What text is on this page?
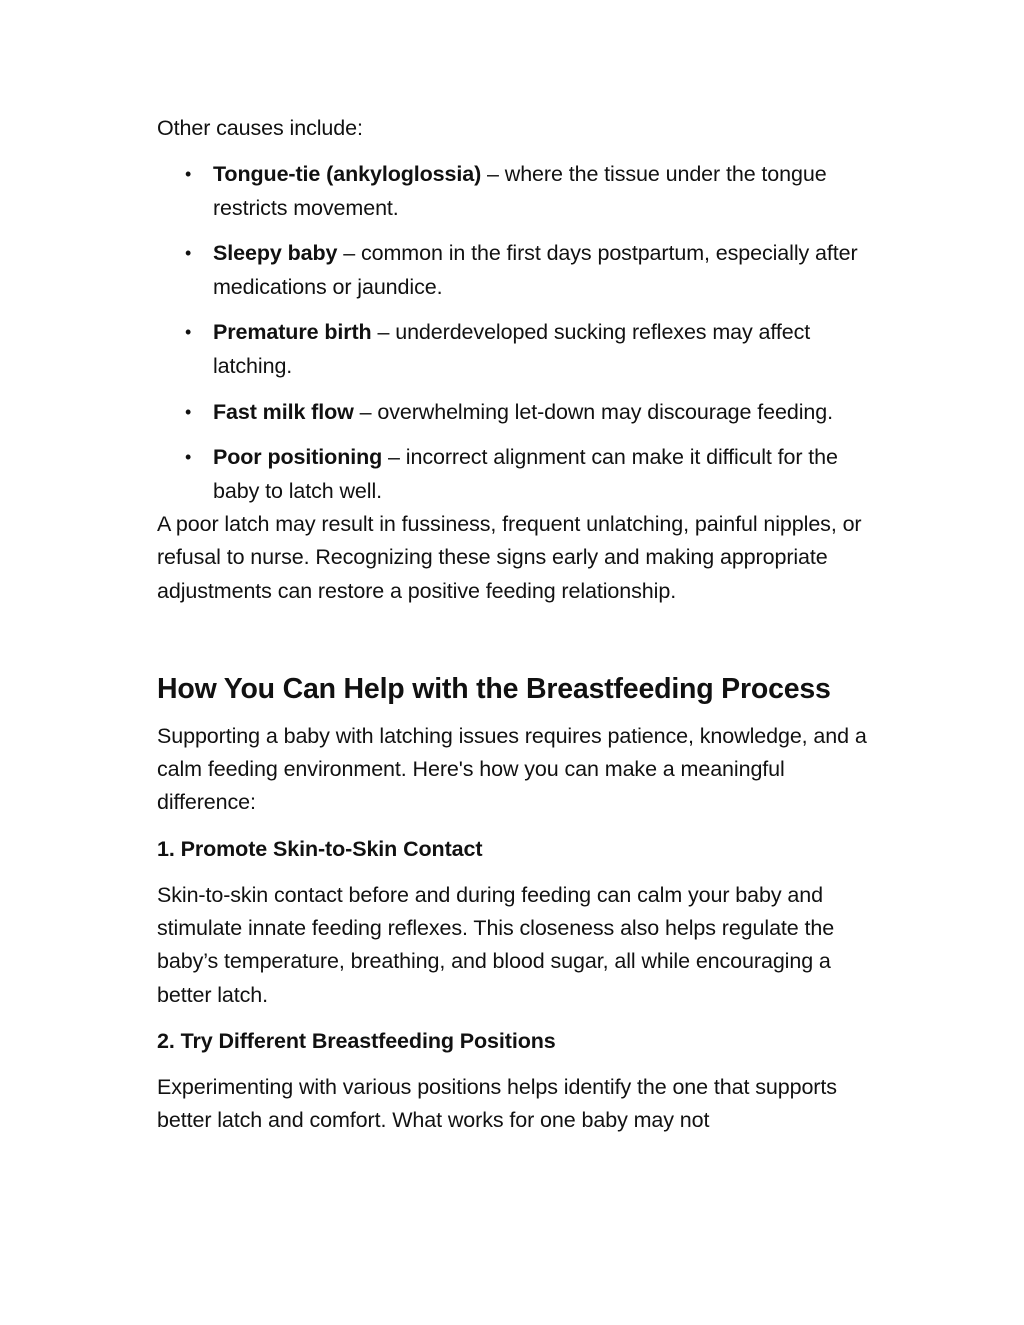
Other causes include:

• Tongue-tie (ankyloglossia) – where the tissue under the tongue restricts movement.
• Sleepy baby – common in the first days postpartum, especially after medications or jaundice.
• Premature birth – underdeveloped sucking reflexes may affect latching.
• Fast milk flow – overwhelming let-down may discourage feeding.
• Poor positioning – incorrect alignment can make it difficult for the baby to latch well.

A poor latch may result in fussiness, frequent unlatching, painful nipples, or refusal to nurse. Recognizing these signs early and making appropriate adjustments can restore a positive feeding relationship.

How You Can Help with the Breastfeeding Process

Supporting a baby with latching issues requires patience, knowledge, and a calm feeding environment. Here's how you can make a meaningful difference:

1. Promote Skin-to-Skin Contact

Skin-to-skin contact before and during feeding can calm your baby and stimulate innate feeding reflexes. This closeness also helps regulate the baby’s temperature, breathing, and blood sugar, all while encouraging a better latch.

2. Try Different Breastfeeding Positions

Experimenting with various positions helps identify the one that supports better latch and comfort. What works for one baby may not
